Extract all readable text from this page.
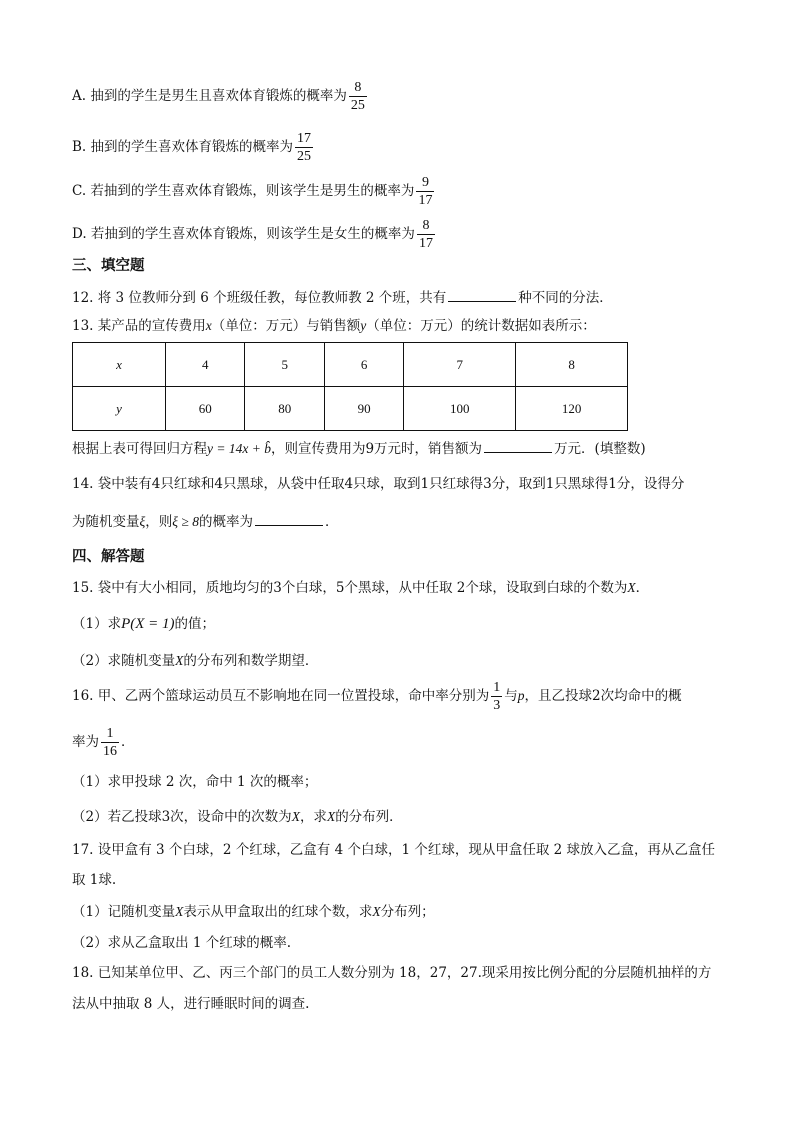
A. 抽到的学生是男生且喜欢体育锻炼的概率为 $\frac{8}{25}$
B. 抽到的学生喜欢体育锻炼的概率为 $\frac{17}{25}$
C. 若抽到的学生喜欢体育锻炼，则该学生是男生的概率为 $\frac{9}{17}$
D. 若抽到的学生喜欢体育锻炼，则该学生是女生的概率为 $\frac{8}{17}$
三、填空题
12. 将 3 位教师分到 6 个班级任教，每位教师教 2 个班，共有	种不同的分法．
13. 某产品的宣传费用x（单位：万元）与销售额y（单位：万元）的统计数据如表所示：
x	4	5	6	7	8
y	60	80	90	100	120
根据上表可得回归方程y = 14x + b̂，则宣传费用为9万元时，销售额为	万元．(填整数)
14. 袋中装有4只红球和4只黑球，从袋中任取4只球，取到1只红球得3分，取到1只黑球得1分，设得分
为随机变量ξ，则ξ ≥ 8的概率为	．
四、解答题
15. 袋中有大小相同，质地均匀的3个白球，5个黑球，从中任取 2个球，设取到白球的个数为X．
（1）求P(X = 1)的值；
（2）求随机变量X的分布列和数学期望．
16. 甲、乙两个篮球运动员互不影响地在同一位置投球，命中率分别为 $\frac{1}{3}$ 与p，且乙投球2次均命中的概
率为 $\frac{1}{16}$ ．
（1）求甲投球 2 次，命中 1 次的概率；
（2）若乙投球3次，设命中的次数为X，求X的分布列．
17. 设甲盒有 3 个白球，2 个红球，乙盒有 4 个白球，1 个红球，现从甲盒任取 2 球放入乙盒，再从乙盒任
取 1球.
（1）记随机变量X表示从甲盒取出的红球个数，求X分布列；
（2）求从乙盒取出 1 个红球的概率.
18. 已知某单位甲、乙、丙三个部门的员工人数分别为 18，27，27.现采用按比例分配的分层随机抽样的方
法从中抽取 8 人，进行睡眠时间的调查.
